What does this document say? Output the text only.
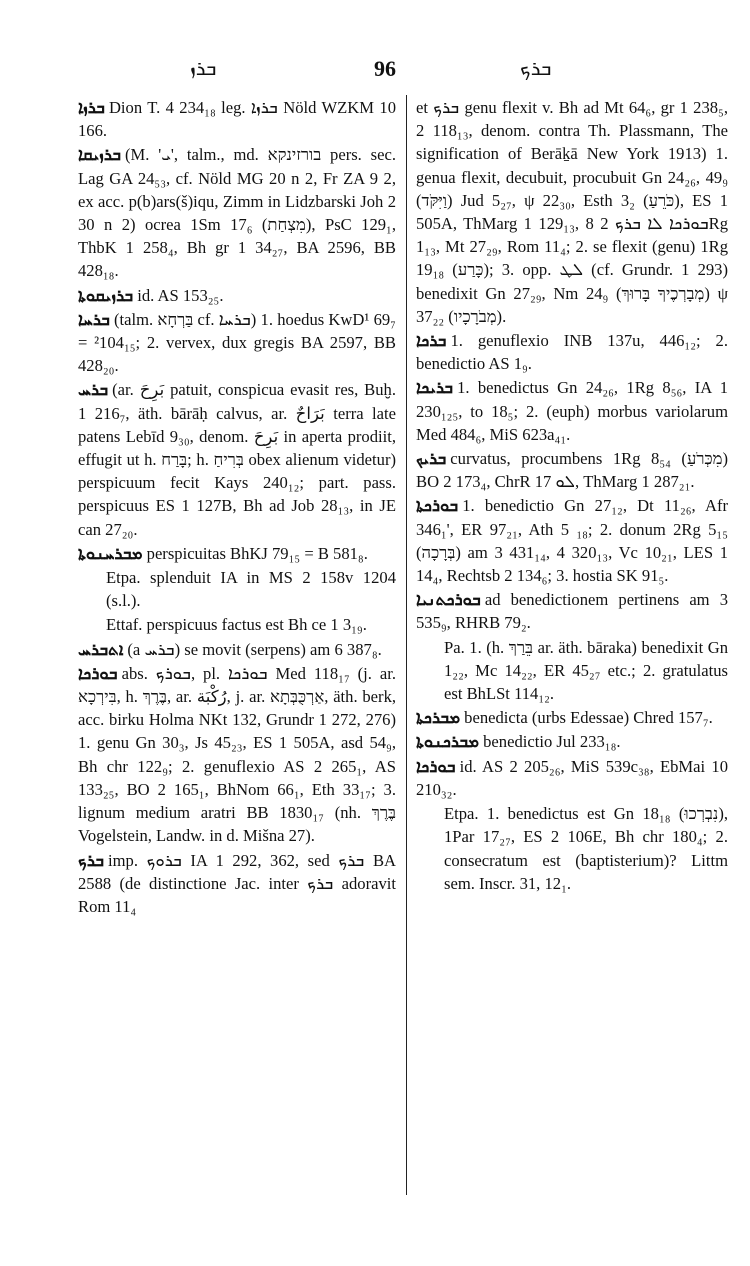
ܒܪܙ	96	ܒܪܟ

ܒܪܙܐ Dion T. 4 234₁₈ leg. ܒܪܙܐ Nöld WZKM 10 166.

ܒܪܙܝܩܐ (M. 'ܝ', talm., md. בורזינקא pers. sec. Lag GA 24₅₃, cf. Nöld MG 20 n 2, Fr ZA 9 2, ex acc. p(b)ars(š)iqu, Zimm in Lidzbarski Joh 2 30 n 2) ocrea 1Sm 17₆ (מִצְחַת), PsC 129₁, ThbK 1 258₄, Bh gr 1 34₂₇, BA 2596, BB 428₁₈.

ܒܪܙܝܩܘܬܐ id. AS 153₂₅.

ܒܪܚܐ (talm. בַּרְחָא cf. ܒܪܚܐ) 1. hoedus KwD¹ 69₇ = ²104₁₅; 2. vervex, dux gregis BA 2597, BB 428₂₀.

ܒܪܚ (ar. بَرِحَ patuit, conspicua evasit res, Buḫ. 1 216₇, äth. bārāḥ calvus, ar. بَرَاحٌ terra late patens Lebīd 9₃₀, denom. بَرِحَ in aperta prodiit, effugit ut h. בָּרַח; h. בְּרִיחַ obex alienum videtur) perspicuum fecit Kays 240₁₂; part. pass. perspicuus ES 1 127B, Bh ad Job 28₁₃, in JE can 27₂₀.

ܡܒܪܚܢܘܬܐ perspicuitas BhKJ 79₁₅ = B 581₈.

Etpa. splenduit IA in MS 2 158v 1204 (s.l.).

Ettaf. perspicuus factus est Bh ce 1 3₁₉.

ܐܬܒܪܚ (a ܒܪܚ) se movit (serpens) am 6 387₈.

ܒܘܪܟܐ abs. ܒܘܪܟ, pl. ܒܘܪܟܐ Med 118₁₇ (j. ar. בִּירְכָא, h. בֶּרֶךְ, ar. رُكْبَة, j. ar. אַרְכֻּבְּתָא, äth. berk, acc. birku Holma NKt 132, Grundr 1 272, 276) 1. genu Gn 30₃, Js 45₂₃, ES 1 505A, asd 54₉, Bh chr 122₉; 2. genuflexio AS 2 265₁, AS 133₂₅, BO 2 165₁, BhNom 66₁, Eth 33₁₇; 3. lignum medium aratri BB 1830₁₇ (nh. בֶּרֶךְ Vogelstein, Landw. in d. Mišna 27).

ܒܪܟ imp. ܒܪܘܟ IA 1 292, 362, sed ܒܪܟ BA 2588 (de distinctione Jac. inter ܒܪܟ adoravit Rom 11₄

et ܒܪܟ genu flexit v. Bh ad Mt 64₆, gr 1 238₅, 2 118₁₃, denom. contra Th. Plassmann, The signification of Berāḵā New York 1913) 1. genua flexit, decubuit, procubuit Gn 24₂₆, 49₉ (וַיִּקֹּד) Jud 5₂₇, ψ 22₃₀, Esth 3₂ (כֹּרֵעַ), ES 1 505A, ThMarg 1 129₁₃, 8 ܒܘܪܟܐ ܠܐ ܒܪܟ 2Rg 1₁₃, Mt 27₂₉, Rom 11₄; 2. se flexit (genu) 1Rg 19₁₈ (כָּרַע); 3. opp. ܠܛ (cf. Grundr. 1 293) benedixit Gn 27₂₉, Nm 24₉ (מְבָרְכֶיךָ בָּרוּךְ) ψ 37₂₂ (מְבֹרָכָיו).

ܒܪܟܐ 1. genuflexio INB 137u, 446₁₂; 2. benedictio AS 1₉.

ܒܪܝܟܐ 1. benedictus Gn 24₂₆, 1Rg 8₅₆, IA 1 230₁₂₅, to 18₅; 2. (euph) morbus variolarum Med 484₆, MiS 623a₄₁.

ܒܪܝܟ curvatus, procumbens 1Rg 8₅₄ (מִכְּרֹעַ) BO 2 173₄, ChrR ܠܘ 17, ThMarg 1 287₂₁.

ܒܘܪܟܬܐ 1. benedictio Gn 27₁₂, Dt 11₂₆, Afr 346₁', ER 97₂₁, Ath 5 ₁₈; 2. donum 2Rg 5₁₅ (בְּרָכָה) am 3 431₁₄, 4 320₁₃, Vc 10₂₁, LES 1 14₄, Rechtsb 2 134₆; 3. hostia SK 91₅.

ܒܘܪܟܬܢܝܐ ad benedictionem pertinens am 3 535₉, RHRB 79₂.

Pa. 1. (h. בֵּרַךְ ar. äth. bāraka) benedixit Gn 1₂₂, Mc 14₂₂, ER 45₂₇ etc.; 2. gratulatus est BhLSt 114₁₂.

ܡܒܪܟܬܐ benedicta (urbs Edessae) Chred 157₇.

ܡܒܪܟܢܘܬܐ benedictio Jul 233₁₈.

ܒܘܪܟܐ id. AS 2 205₂₆, MiS 539c₃₈, EbMai 10 210₃₂.

Etpa. 1. benedictus est Gn 18₁₈ (נִבְרְכוּ), 1Par 17₂₇, ES 2 106E, Bh chr 180₄; 2. consecratum est (baptisterium)? Littm sem. Inscr. 31, 12₁.
